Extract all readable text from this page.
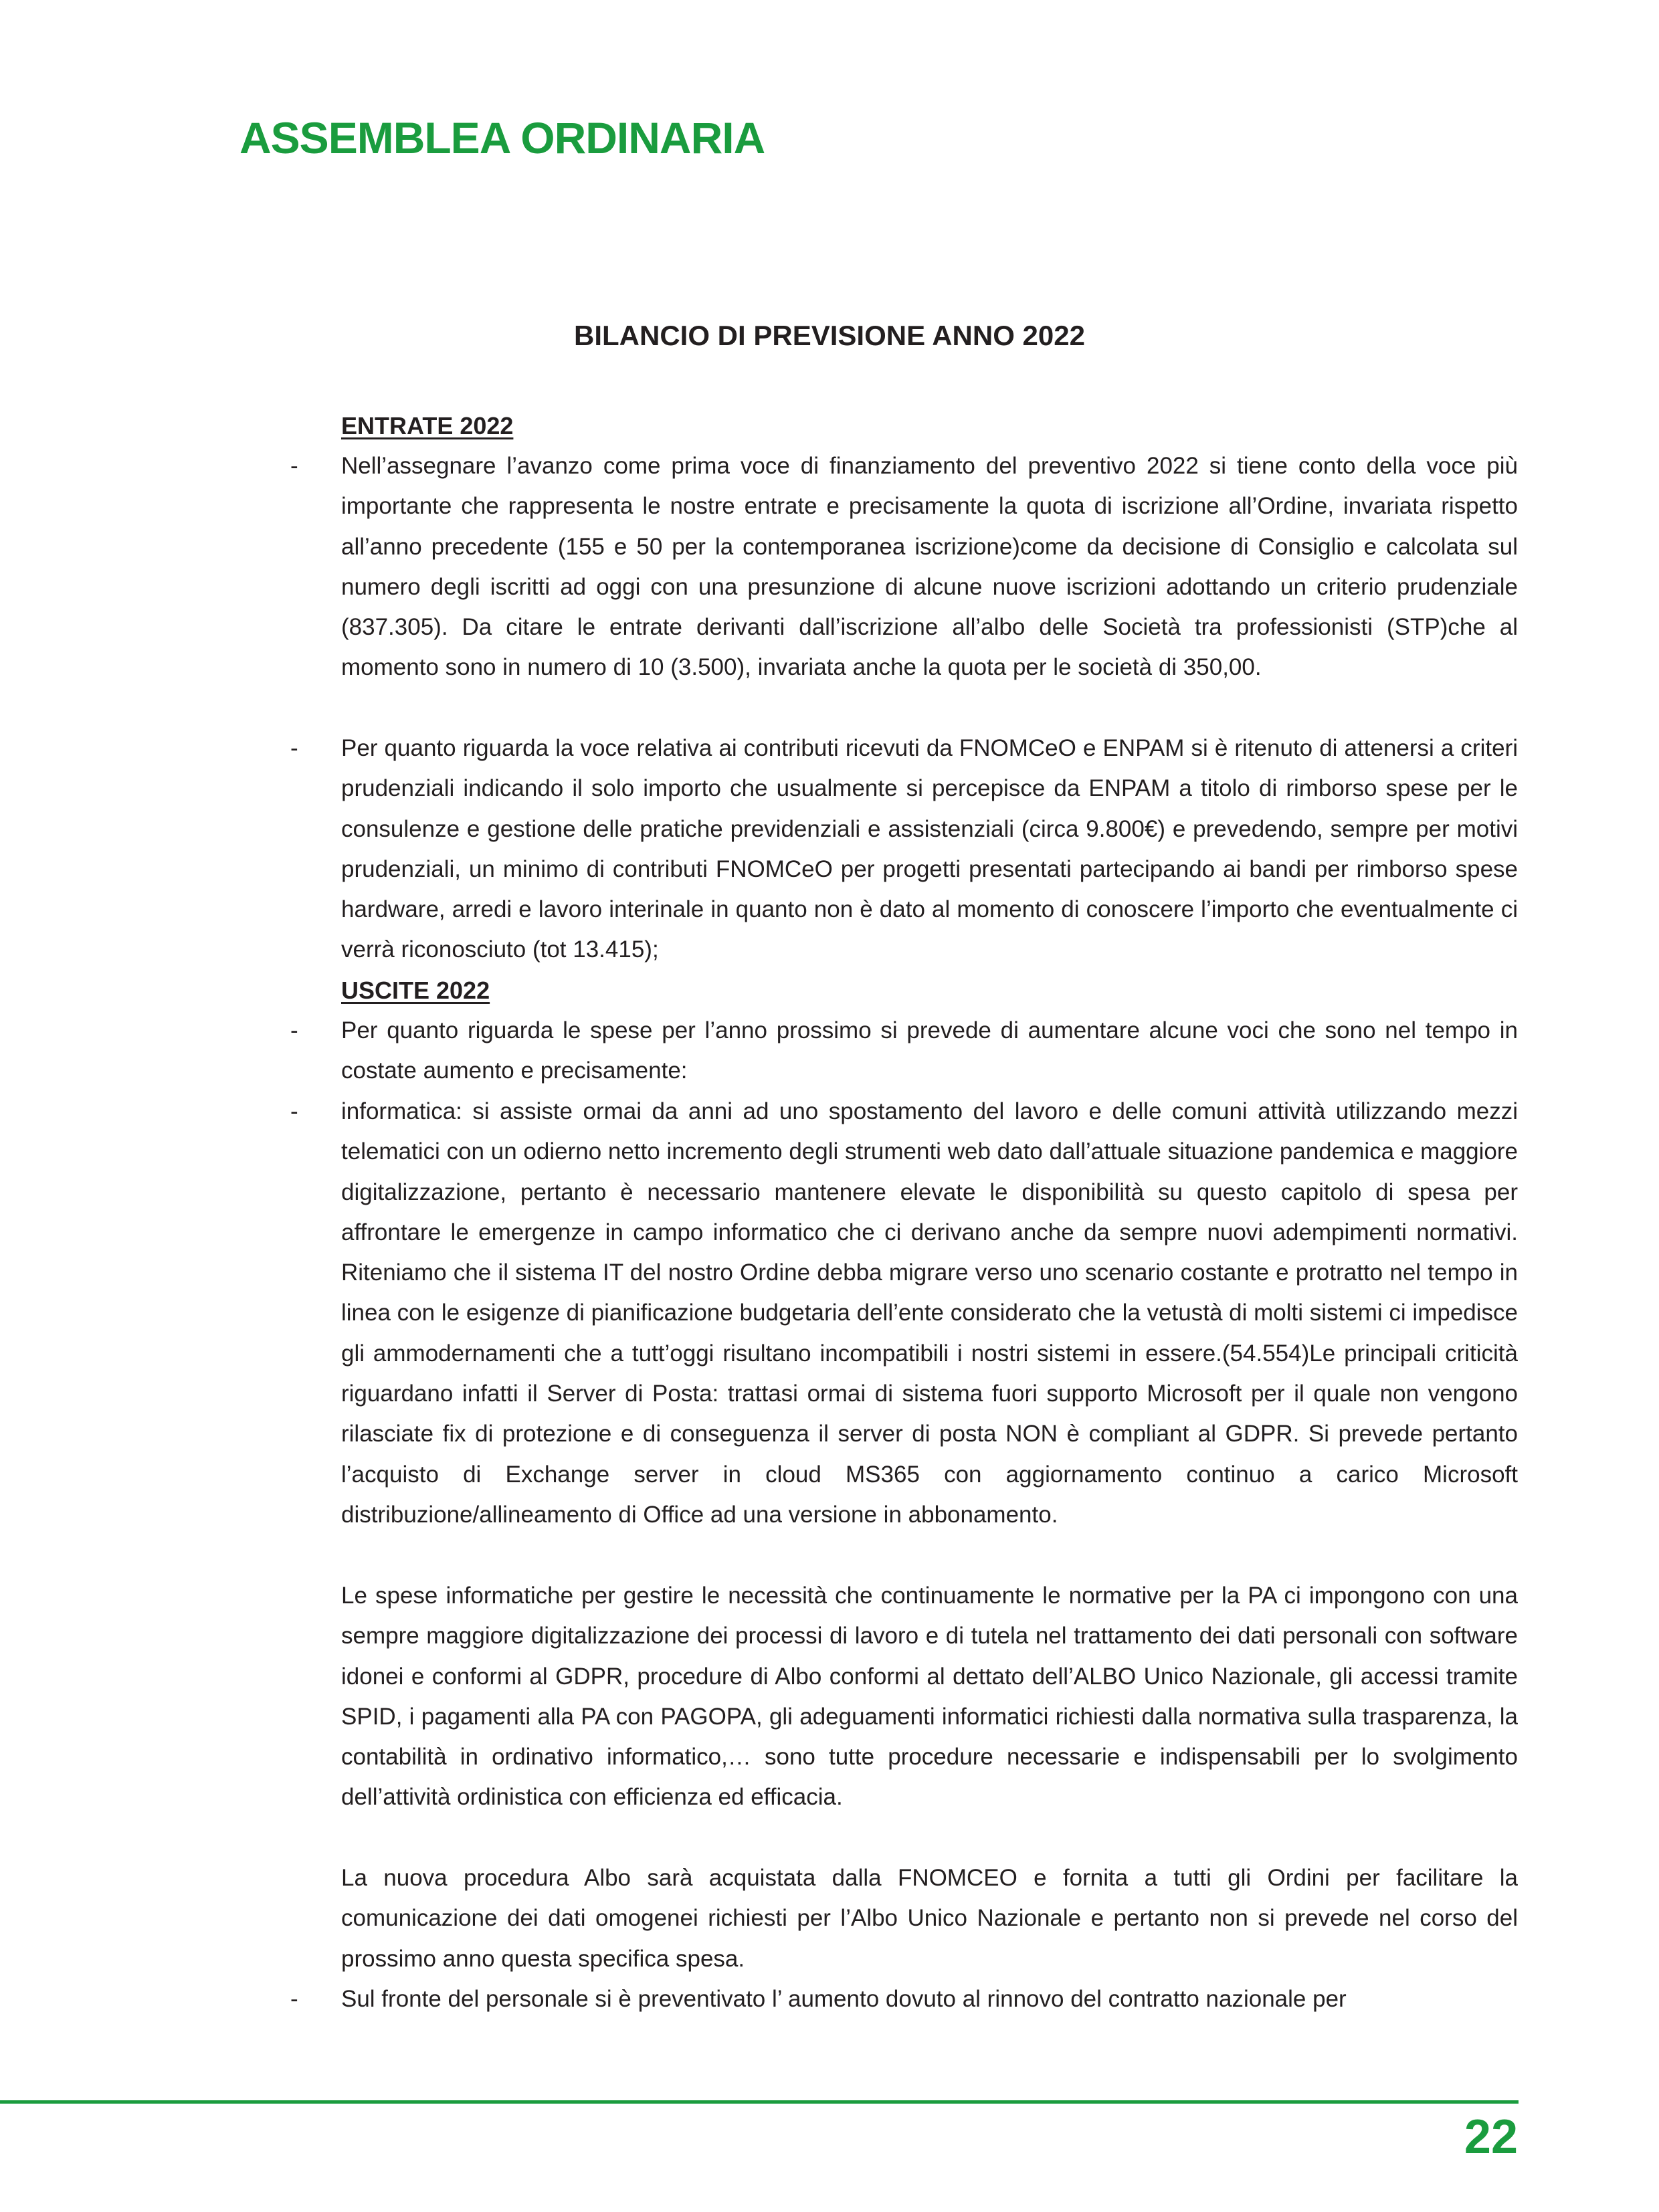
ASSEMBLEA ORDINARIA
BILANCIO DI PREVISIONE ANNO 2022

ENTRATE 2022

- Nell’assegnare l’avanzo come prima voce di finanziamento del preventivo 2022 si tiene conto della voce più importante che rappresenta le nostre entrate e precisamente la quota di iscrizione all’Ordine, invariata rispetto all’anno precedente (155 e 50 per la contemporanea iscrizione)come da decisione di Consiglio e calcolata sul numero degli iscritti ad oggi con una presunzione di alcune nuove iscrizioni adottando un criterio prudenziale (837.305). Da citare le entrate derivanti dall’iscrizione all’albo delle Società tra professionisti (STP)che al momento sono in numero di 10 (3.500), invariata anche la quota per le società di 350,00.

- Per quanto riguarda la voce relativa ai contributi ricevuti da FNOMCeO e ENPAM si è ritenuto di attenersi a criteri prudenziali indicando il solo importo che usualmente si percepisce da ENPAM a titolo di rimborso spese per le consulenze e gestione delle pratiche previdenziali e assistenziali (circa 9.800€) e prevedendo, sempre per motivi prudenziali, un minimo di contributi FNOMCeO per progetti presentati partecipando ai bandi per rimborso spese hardware, arredi e lavoro interinale in quanto non è dato al momento di conoscere l’importo che eventualmente ci verrà riconosciuto (tot 13.415);

USCITE 2022

- Per quanto riguarda le spese per l’anno prossimo si prevede di aumentare alcune voci che sono nel tempo in costate aumento e precisamente:

- informatica: si assiste ormai da anni ad uno spostamento del lavoro e delle comuni attività utilizzando mezzi telematici con un odierno netto incremento degli strumenti web dato dall’attuale situazione pandemica e maggiore digitalizzazione, pertanto è necessario mantenere elevate le disponibilità su questo capitolo di spesa per affrontare le emergenze in campo informatico che ci derivano anche da sempre nuovi adempimenti normativi. Riteniamo che il sistema IT del nostro Ordine debba migrare verso uno scenario costante e protratto nel tempo in linea con le esigenze di pianificazione budgetaria dell’ente considerato che la vetustà di molti sistemi ci impedisce gli ammodernamenti che a tutt’oggi risultano incompatibili i nostri sistemi in essere.(54.554)Le principali criticità riguardano infatti il Server di Posta: trattasi ormai di sistema fuori supporto Microsoft per il quale non vengono rilasciate fix di protezione e di conseguenza il server di posta NON è compliant al GDPR. Si prevede pertanto l’acquisto di Exchange server in cloud MS365 con aggiornamento continuo a carico Microsoft distribuzione/allineamento di Office ad una versione in abbonamento.

Le spese informatiche per gestire le necessità che continuamente le normative per la PA ci impongono con una sempre maggiore digitalizzazione dei processi di lavoro e di tutela nel trattamento dei dati personali con software idonei e conformi al GDPR, procedure di Albo conformi al dettato dell’ALBO Unico Nazionale, gli accessi tramite SPID, i pagamenti alla PA con PAGOPA, gli adeguamenti informatici richiesti dalla normativa sulla trasparenza, la contabilità in ordinativo informatico,… sono tutte procedure necessarie e indispensabili per lo svolgimento dell’attività ordinistica con efficienza ed efficacia.

La nuova procedura Albo sarà acquistata dalla FNOMCEO e fornita a tutti gli Ordini per facilitare la comunicazione dei dati omogenei richiesti per l’Albo Unico Nazionale e pertanto non si prevede nel corso del prossimo anno questa specifica spesa.

- Sul fronte del personale si è preventivato l’ aumento dovuto al rinnovo del contratto nazionale per

22
